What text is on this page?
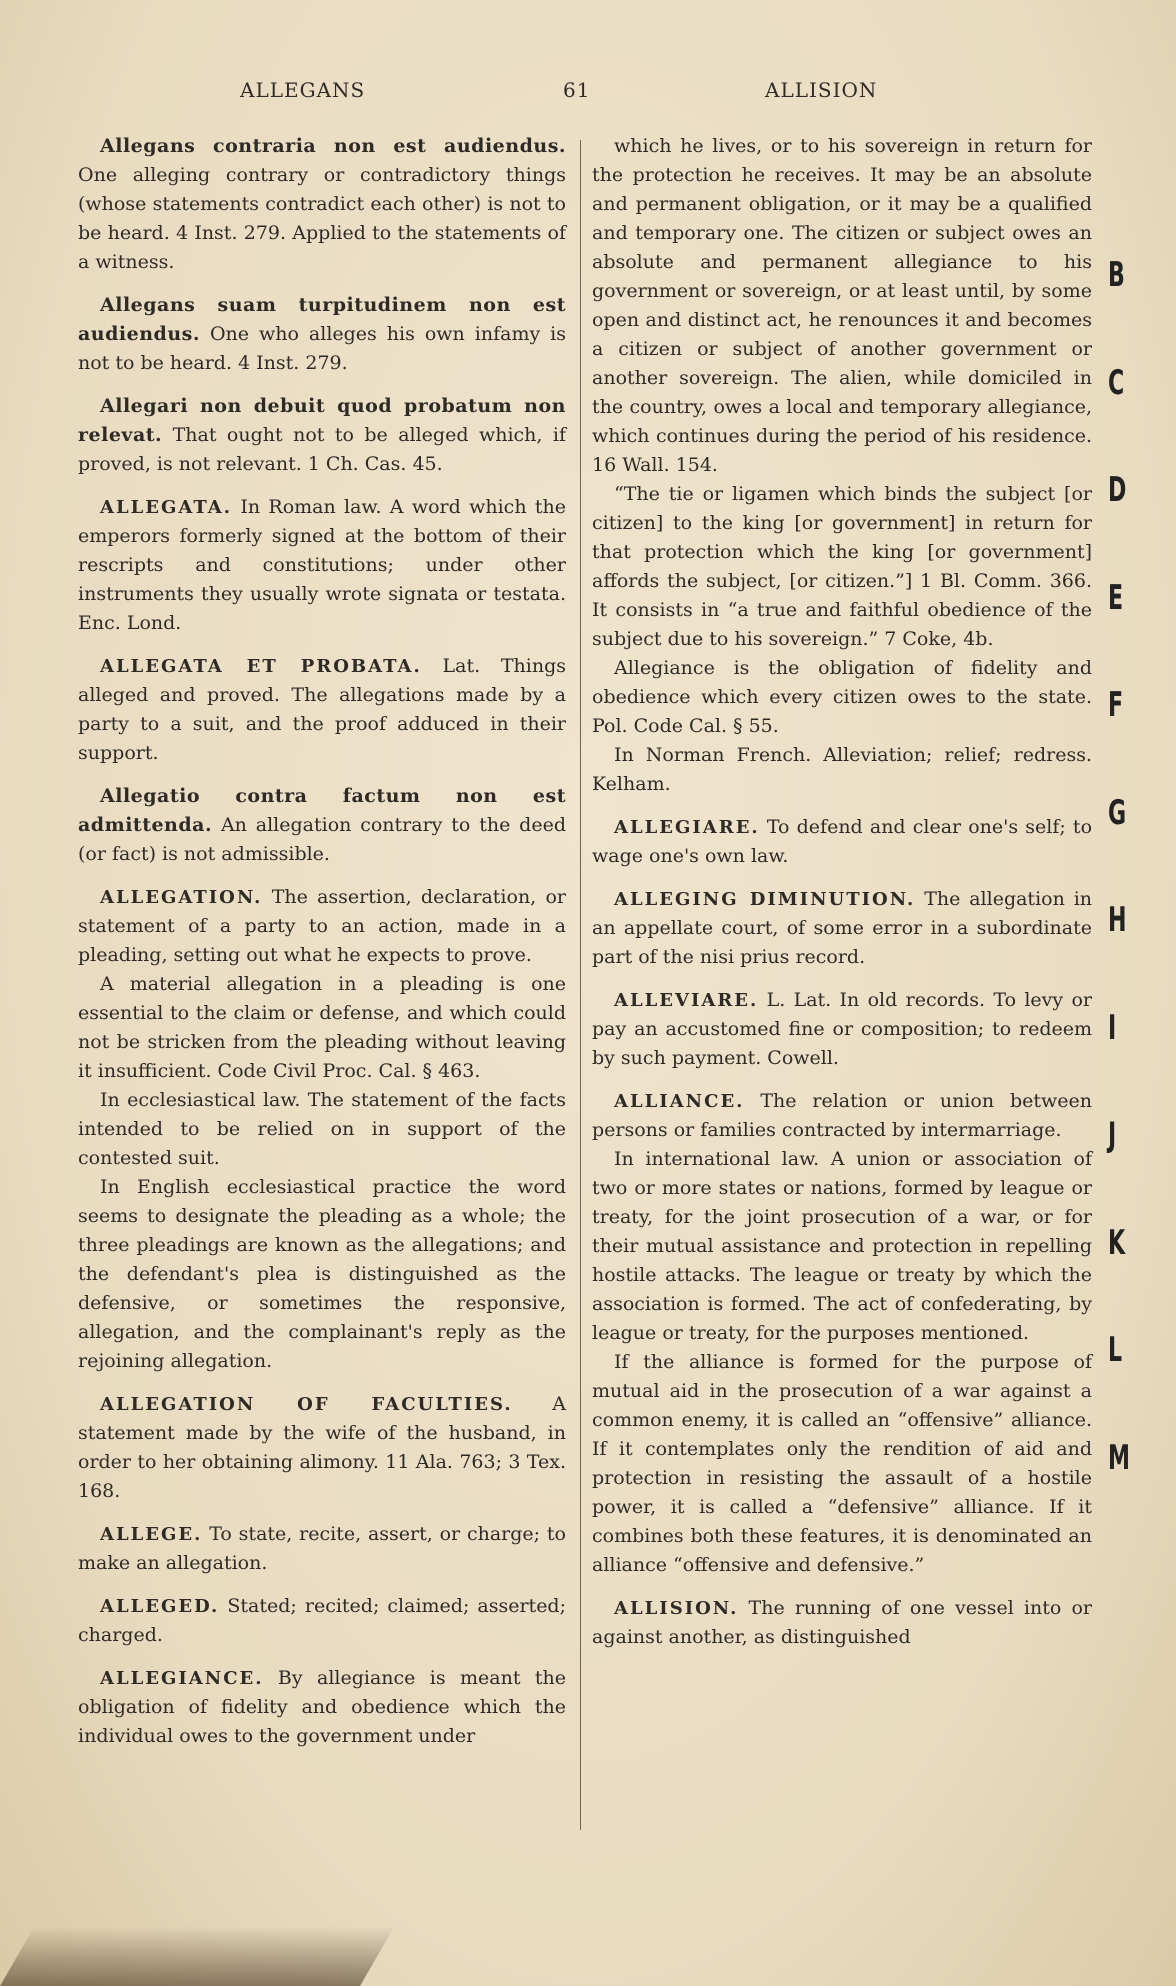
ALLEGANS	61	ALLISION

Allegans contraria non est audiendus. One alleging contrary or contradictory things (whose statements contradict each other) is not to be heard. 4 Inst. 279. Applied to the statements of a witness.

Allegans suam turpitudinem non est audiendus. One who alleges his own infamy is not to be heard. 4 Inst. 279.

Allegari non debuit quod probatum non relevat. That ought not to be alleged which, if proved, is not relevant. 1 Ch. Cas. 45.

ALLEGATA. In Roman law. A word which the emperors formerly signed at the bottom of their rescripts and constitutions; under other instruments they usually wrote signata or testata. Enc. Lond.

ALLEGATA ET PROBATA. Lat. Things alleged and proved. The allegations made by a party to a suit, and the proof adduced in their support.

Allegatio contra factum non est admittenda. An allegation contrary to the deed (or fact) is not admissible.

ALLEGATION. The assertion, declaration, or statement of a party to an action, made in a pleading, setting out what he expects to prove.

A material allegation in a pleading is one essential to the claim or defense, and which could not be stricken from the pleading without leaving it insufficient. Code Civil Proc. Cal. § 463.

In ecclesiastical law. The statement of the facts intended to be relied on in support of the contested suit.

In English ecclesiastical practice the word seems to designate the pleading as a whole; the three pleadings are known as the allegations; and the defendant's plea is distinguished as the defensive, or sometimes the responsive, allegation, and the complainant's reply as the rejoining allegation.

ALLEGATION OF FACULTIES. A statement made by the wife of the husband, in order to her obtaining alimony. 11 Ala. 763; 3 Tex. 168.

ALLEGE. To state, recite, assert, or charge; to make an allegation.

ALLEGED. Stated; recited; claimed; asserted; charged.

ALLEGIANCE. By allegiance is meant the obligation of fidelity and obedience which the individual owes to the government under

which he lives, or to his sovereign in return for the protection he receives. It may be an absolute and permanent obligation, or it may be a qualified and temporary one. The citizen or subject owes an absolute and permanent allegiance to his government or sovereign, or at least until, by some open and distinct act, he renounces it and becomes a citizen or subject of another government or another sovereign. The alien, while domiciled in the country, owes a local and temporary allegiance, which continues during the period of his residence. 16 Wall. 154.

“The tie or ligamen which binds the subject [or citizen] to the king [or government] in return for that protection which the king [or government] affords the subject, [or citizen.”] 1 Bl. Comm. 366. It consists in “a true and faithful obedience of the subject due to his sovereign.” 7 Coke, 4b.

Allegiance is the obligation of fidelity and obedience which every citizen owes to the state. Pol. Code Cal. § 55.

In Norman French. Alleviation; relief; redress. Kelham.

ALLEGIARE. To defend and clear one's self; to wage one's own law.

ALLEGING DIMINUTION. The allegation in an appellate court, of some error in a subordinate part of the nisi prius record.

ALLEVIARE. L. Lat. In old records. To levy or pay an accustomed fine or composition; to redeem by such payment. Cowell.

ALLIANCE. The relation or union between persons or families contracted by intermarriage.

In international law. A union or association of two or more states or nations, formed by league or treaty, for the joint prosecution of a war, or for their mutual assistance and protection in repelling hostile attacks. The league or treaty by which the association is formed. The act of confederating, by league or treaty, for the purposes mentioned.

If the alliance is formed for the purpose of mutual aid in the prosecution of a war against a common enemy, it is called an “offensive” alliance. If it contemplates only the rendition of aid and protection in resisting the assault of a hostile power, it is called a “defensive” alliance. If it combines both these features, it is denominated an alliance “offensive and defensive.”

ALLISION. The running of one vessel into or against another, as distinguished

B
C
D
E
F
G
H
I
J
K
L
M
